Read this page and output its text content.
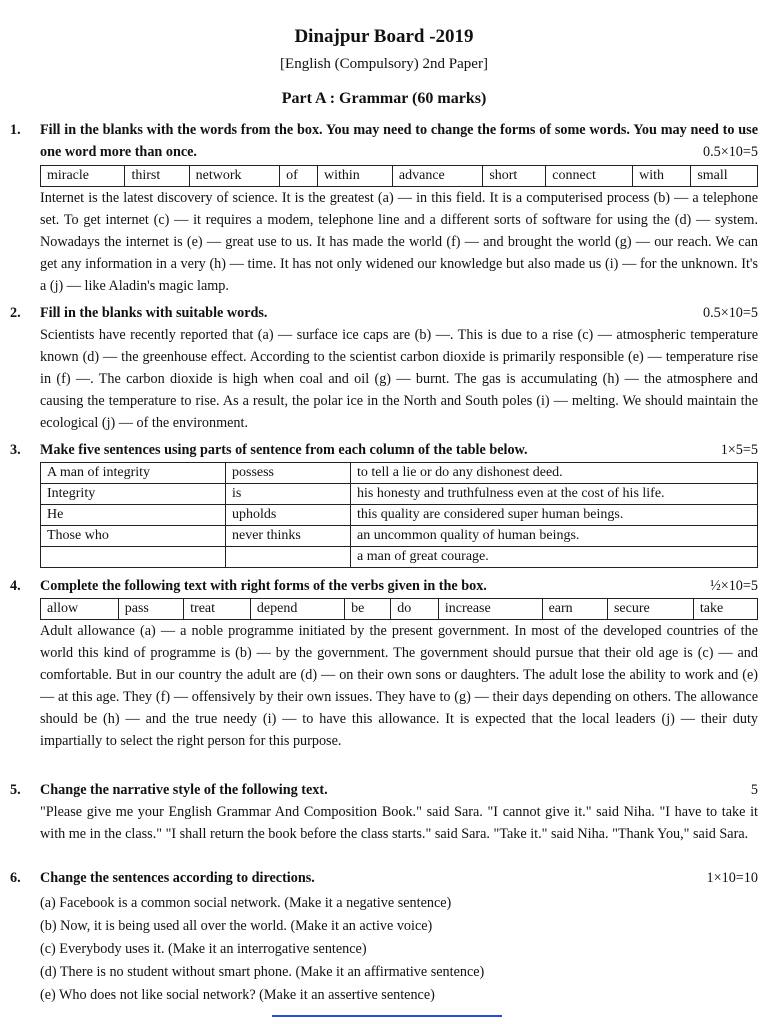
Dinajpur Board -2019
[English (Compulsory) 2nd Paper]
Part A : Grammar (60 marks)
1.	Fill in the blanks with the words from the box. You may need to change the forms of some words. You may need to use one word more than once.	0.5×10=5
miracle	thirst	network	of	within	advance	short	connect	with	small
Internet is the latest discovery of science. It is the greatest (a) — in this field. It is a computerised process (b) — a telephone set. To get internet (c) — it requires a modem, telephone line and a different sorts of software for using the (d) — system. Nowadays the internet is (e) — great use to us. It has made the world (f) — and brought the world (g) — our reach. We can get any information in a very (h) — time. It has not only widened our knowledge but also made us (i) — for the unknown. It's a (j) — like Aladin's magic lamp.
2.	Fill in the blanks with suitable words.	0.5×10=5
Scientists have recently reported that (a) — surface ice caps are (b) —. This is due to a rise (c) — atmospheric temperature known (d) — the greenhouse effect. According to the scientist carbon dioxide is primarily responsible (e) — temperature rise in (f) —. The carbon dioxide is high when coal and oil (g) — burnt. The gas is accumulating (h) — the atmosphere and causing the temperature to rise. As a result, the polar ice in the North and South poles (i) — melting. We should maintain the ecological (j) — of the environment.
3.	Make five sentences using parts of sentence from each column of the table below.	1×5=5
A man of integrity	possess	to tell a lie or do any dishonest deed.
Integrity	is	his honesty and truthfulness even at the cost of his life.
He	upholds	this quality are considered super human beings.
Those who	never thinks	an uncommon quality of human beings.
		a man of great courage.
4.	Complete the following text with right forms of the verbs given in the box.	½×10=5
allow	pass	treat	depend	be	do	increase	earn	secure	take
Adult allowance (a) — a noble programme initiated by the present government. In most of the developed countries of the world this kind of programme is (b) — by the government. The government should pursue that their old age is (c) — and comfortable. But in our country the adult are (d) — on their own sons or daughters. The adult lose the ability to work and (e) — at this age. They (f) — offensively by their own issues. They have to (g) — their days depending on others. The allowance should be (h) — and the true needy (i) — to have this allowance. It is expected that the local leaders (j) — their duty impartially to select the right person for this purpose.
5.	Change the narrative style of the following text.	5
"Please give me your English Grammar And Composition Book." said Sara. "I cannot give it." said Niha. "I have to take it with me in the class." "I shall return the book before the class starts." said Sara. "Take it." said Niha. "Thank You," said Sara.
6.	Change the sentences according to directions.	1×10=10
(a) Facebook is a common social network. (Make it a negative sentence)
(b) Now, it is being used all over the world. (Make it an active voice)
(c) Everybody uses it. (Make it an interrogative sentence)
(d) There is no student without smart phone. (Make it an affirmative sentence)
(e) Who does not like social network? (Make it an assertive sentence)
